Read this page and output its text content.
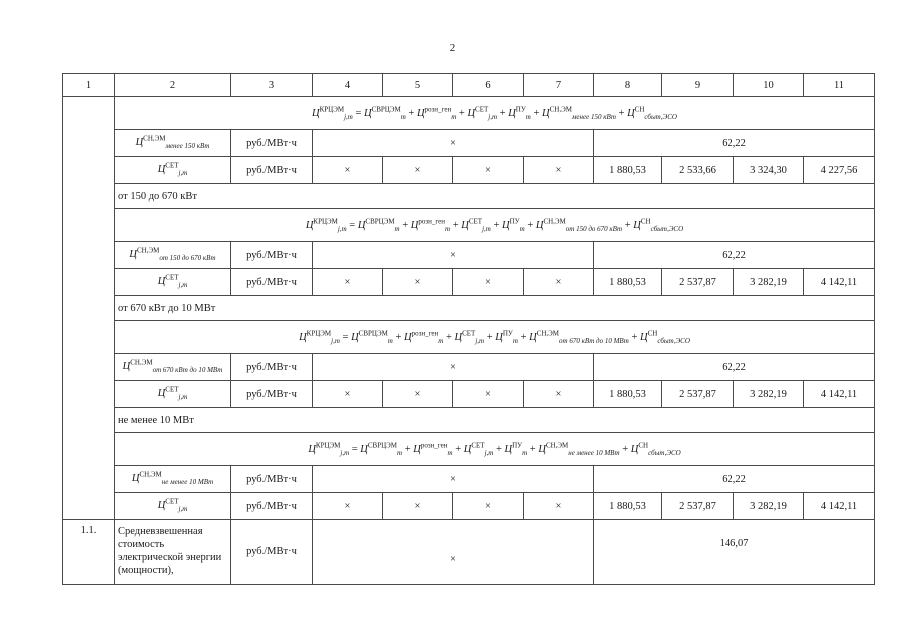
2
1	2	3	4	5	6	7	8	9	10	11
	$Ц^{КРЦЭМ}_{j,m} = Ц^{СВРЦЭМ}_m + Ц^{розн\_ген}_m + Ц^{СЕТ}_{j,m} + Ц^{ПУ}_m + Ц^{СН,ЭМ}_{менее 150 кВт} + Ц^{СН}_{сбыт,ЭСО}$
	$Ц^{СН,ЭМ}_{менее 150 кВт}$	руб./МВт·ч	×				62,22			
	$Ц^{СЕТ}_{j,m}$	руб./МВт·ч	×	×	×	×	1 880,53	2 533,66	3 324,30	4 227,56
	от 150 до 670 кВт									
	$Ц^{КРЦЭМ}_{j,m} = Ц^{СВРЦЭМ}_m + Ц^{розн\_ген}_m + Ц^{СЕТ}_{j,m} + Ц^{ПУ}_m + Ц^{СН,ЭМ}_{от 150 до 670 кВт} + Ц^{СН}_{сбыт,ЭСО}$
	$Ц^{СН,ЭМ}_{от 150 до 670 кВт}$	руб./МВт·ч	×				62,22			
	$Ц^{СЕТ}_{j,m}$	руб./МВт·ч	×	×	×	×	1 880,53	2 537,87	3 282,19	4 142,11
	от 670 кВт до 10 МВт									
	$Ц^{КРЦЭМ}_{j,m} = Ц^{СВРЦЭМ}_m + Ц^{розн\_ген}_m + Ц^{СЕТ}_{j,m} + Ц^{ПУ}_m + Ц^{СН,ЭМ}_{от 670 кВт до 10 МВт} + Ц^{СН}_{сбыт,ЭСО}$
	$Ц^{СН,ЭМ}_{от 670 кВт до 10 МВт}$	руб./МВт·ч	×				62,22			
	$Ц^{СЕТ}_{j,m}$	руб./МВт·ч	×	×	×	×	1 880,53	2 537,87	3 282,19	4 142,11
	не менее 10 МВт									
	$Ц^{КРЦЭМ}_{j,m} = Ц^{СВРЦЭМ}_m + Ц^{розн\_ген}_m + Ц^{СЕТ}_{j,m} + Ц^{ПУ}_m + Ц^{СН,ЭМ}_{не менее 10 МВт} + Ц^{СН}_{сбыт,ЭСО}$
	$Ц^{СН,ЭМ}_{не менее 10 МВт}$	руб./МВт·ч	×				62,22			
	$Ц^{СЕТ}_{j,m}$	руб./МВт·ч	×	×	×	×	1 880,53	2 537,87	3 282,19	4 142,11

1.1.	Средневзвешенная стоимость электрической энергии (мощности),	руб./МВт·ч	×				146,07			
